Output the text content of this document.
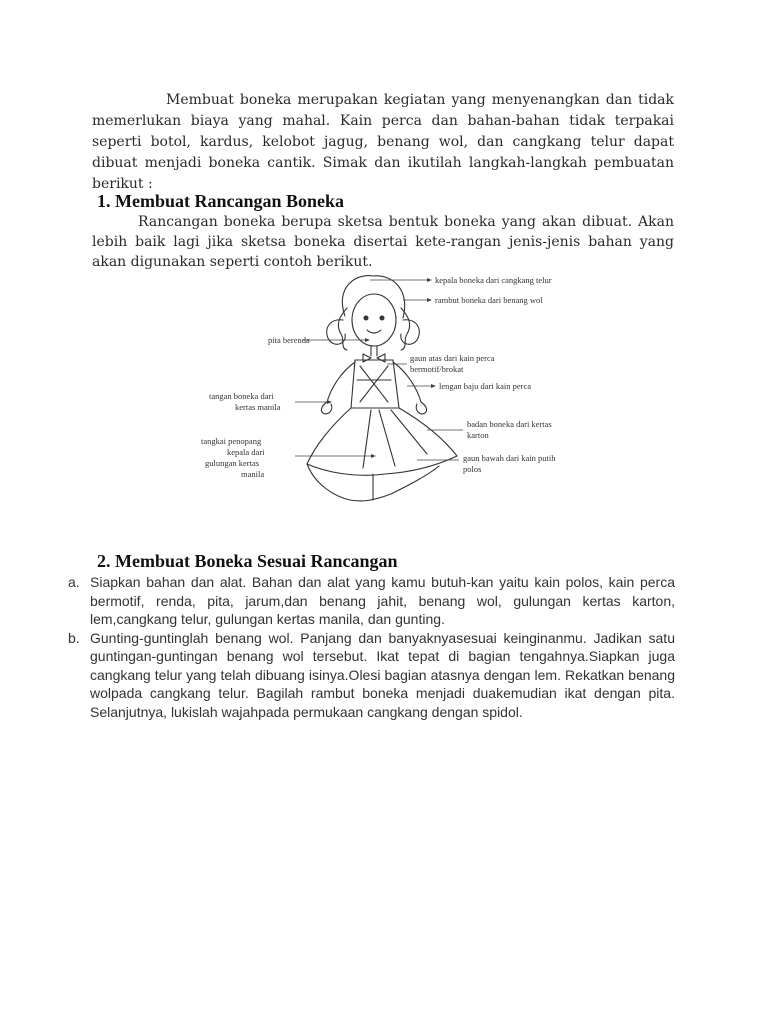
Membuat boneka merupakan kegiatan yang menyenangkan dan tidak memerlukan biaya yang mahal. Kain perca dan bahan-bahan tidak terpakai seperti botol, kardus, kelobot jagug, benang wol, dan cangkang telur dapat dibuat menjadi boneka cantik. Simak dan ikutilah langkah-langkah pembuatan berikut :

1. Membuat Rancangan Boneka

Rancangan boneka berupa sketsa bentuk boneka yang akan dibuat. Akan lebih baik lagi jika sketsa boneka disertai kete-rangan jenis-jenis bahan yang akan digunakan seperti contoh berikut.

kepala boneka dari cangkang telur
rambut boneka dari benang wol
pita berenda
gaun atas dari kain perca
bermotif/brokat
lengan baju dari kain perca
tangan boneka dari
kertas manila
badan boneka dari kertas
karton
tangkai penopang
kepala dari
gulungan kertas
manila
gaun bawah dari kain putih
polos
2. Membuat Boneka Sesuai Rancangan
a. Siapkan bahan dan alat. Bahan dan alat yang kamu butuh-kan yaitu kain polos, kain perca bermotif, renda, pita, jarum,dan benang jahit, benang wol, gulungan kertas karton, lem,cangkang telur, gulungan kertas manila, dan gunting.
b. Gunting-guntinglah benang wol. Panjang dan banyaknyasesuai keinginanmu. Jadikan satu guntingan-guntingan benang wol tersebut. Ikat tepat di bagian tengahnya.Siapkan juga cangkang telur yang telah dibuang isinya.Olesi bagian atasnya dengan lem. Rekatkan benang wolpada cangkang telur. Bagilah rambut boneka menjadi duakemudian ikat dengan pita. Selanjutnya, lukislah wajahpada permukaan cangkang dengan spidol.
